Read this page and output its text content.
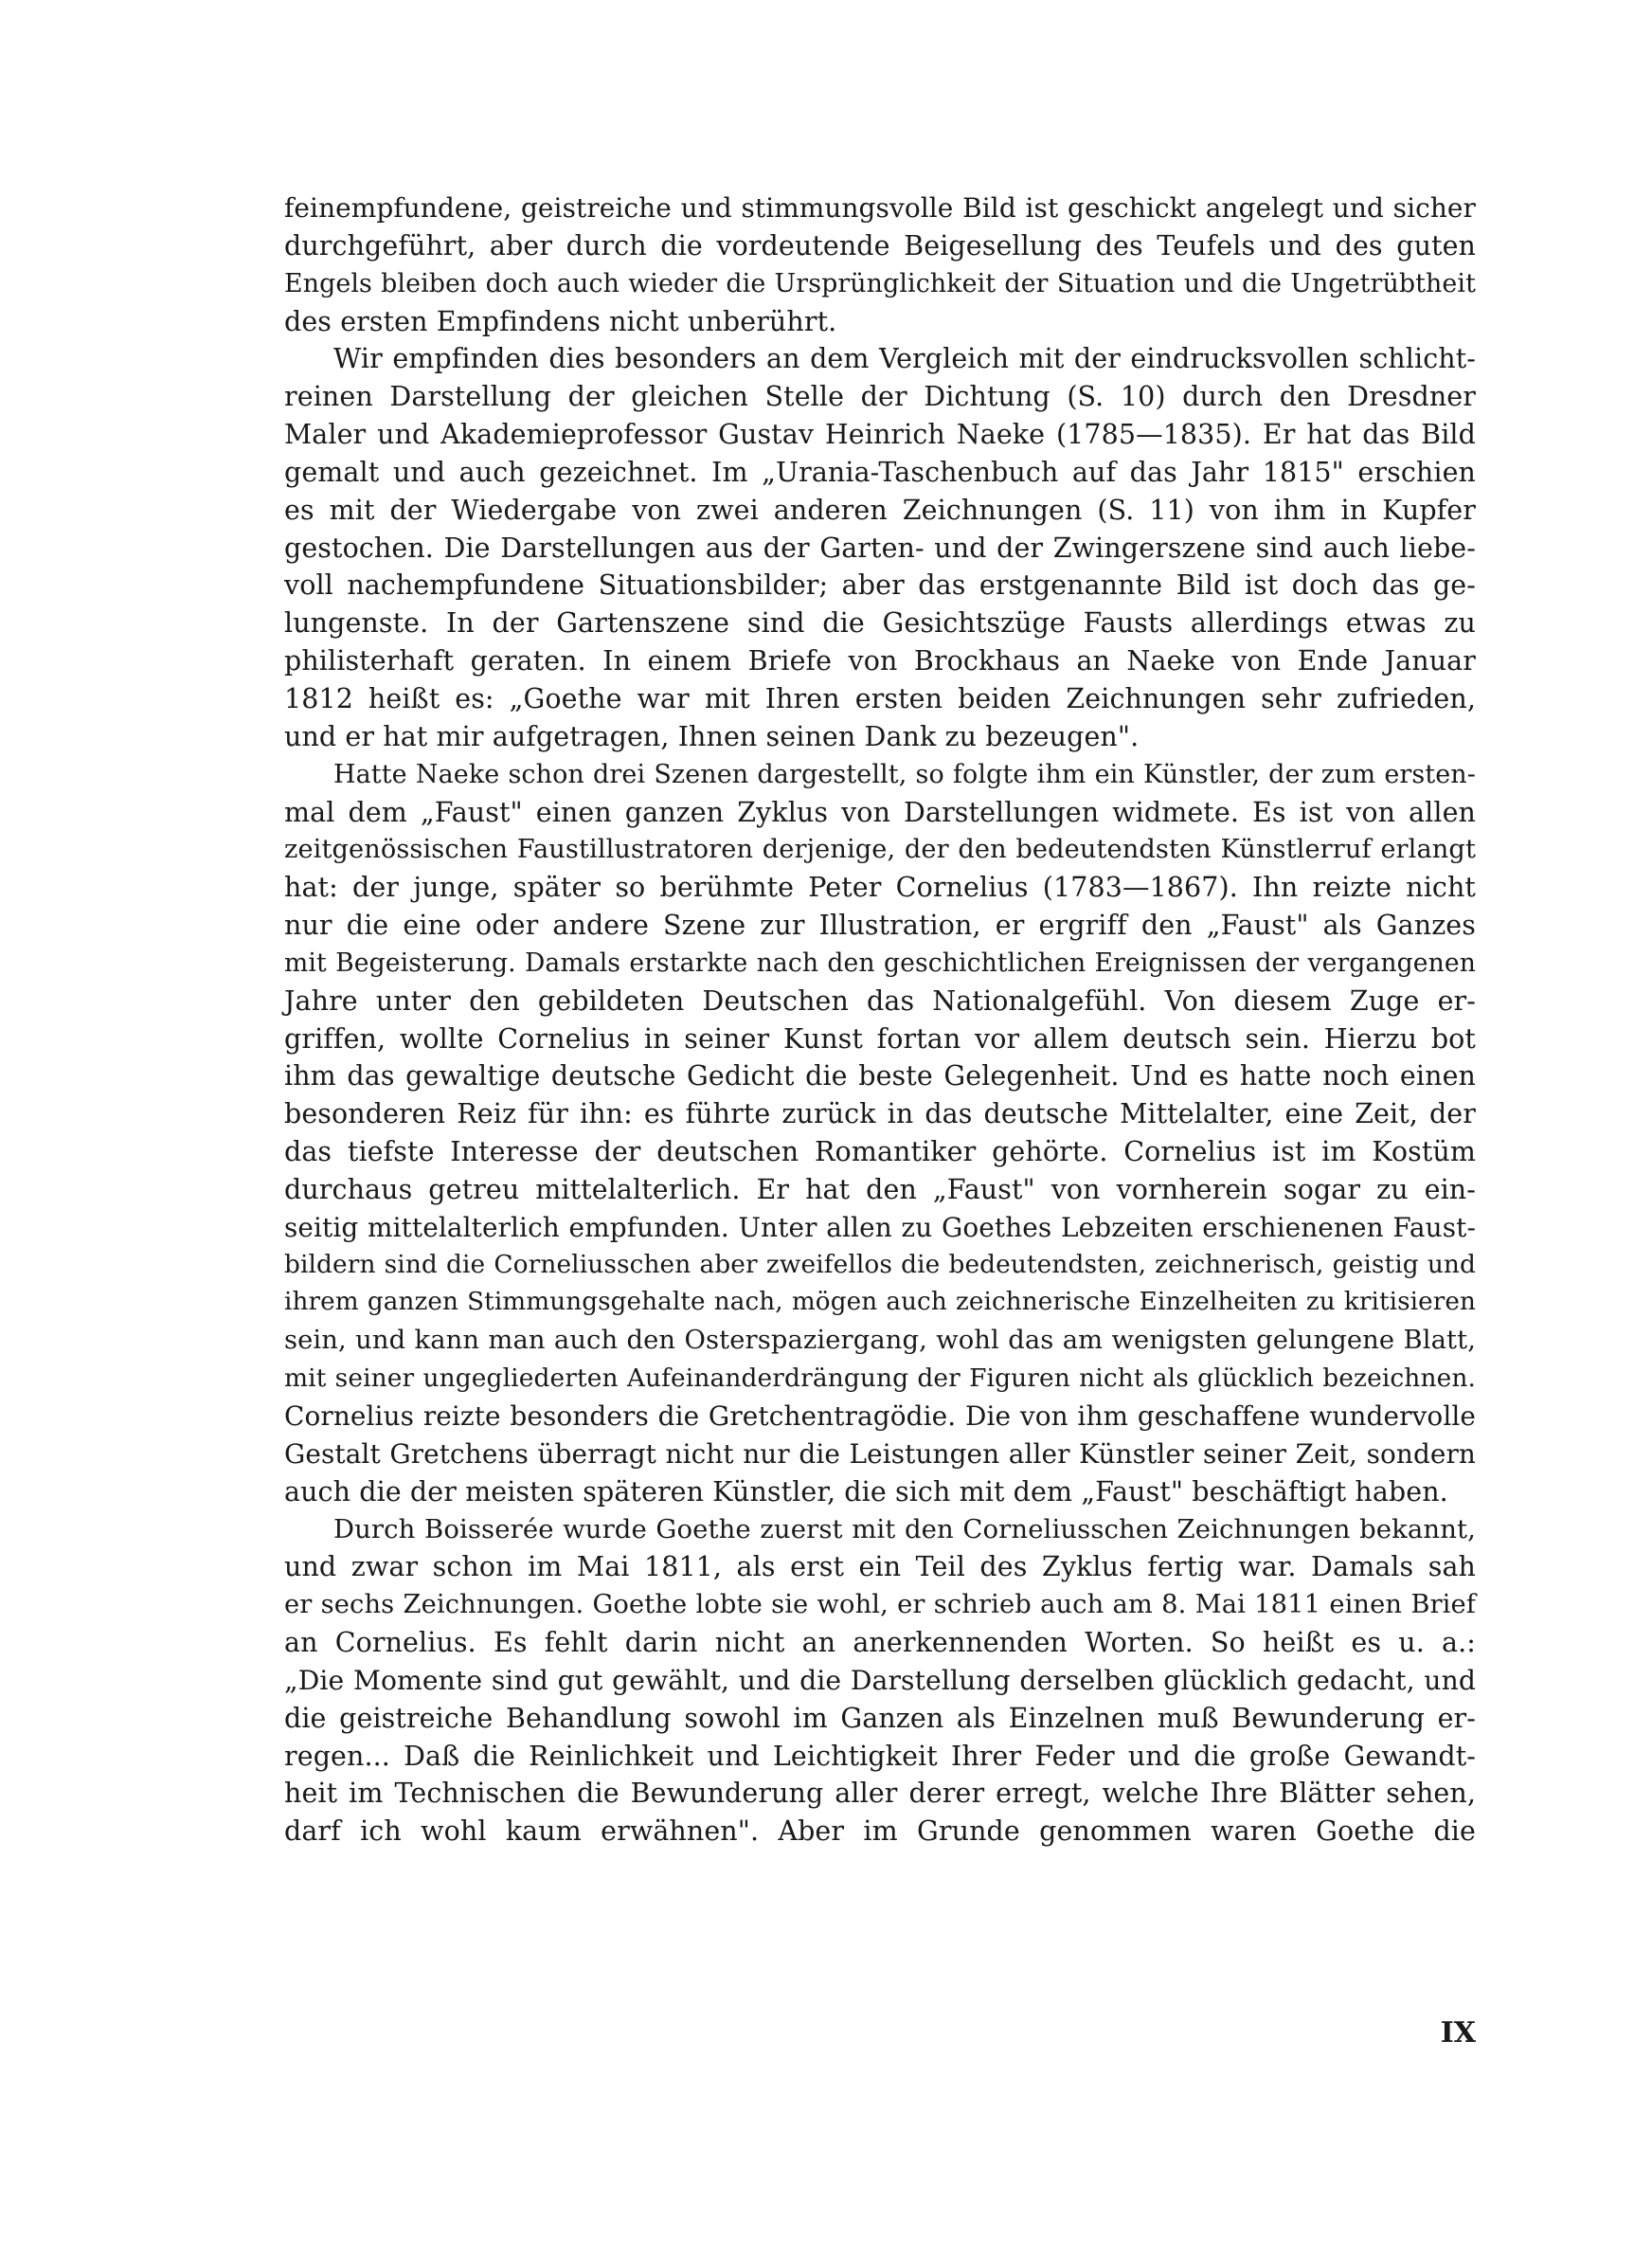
feinempfundene, geistreiche und stimmungsvolle Bild ist geschickt angelegt und sicher
durchgeführt, aber durch die vordeutende Beigesellung des Teufels und des guten
Engels bleiben doch auch wieder die Ursprünglichkeit der Situation und die Ungetrübtheit
des ersten Empfindens nicht unberührt.
Wir empfinden dies besonders an dem Vergleich mit der eindrucksvollen schlicht-
reinen Darstellung der gleichen Stelle der Dichtung (S. 10) durch den Dresdner
Maler und Akademieprofessor Gustav Heinrich Naeke (1785—1835). Er hat das Bild
gemalt und auch gezeichnet. Im „Urania-Taschenbuch auf das Jahr 1815" erschien
es mit der Wiedergabe von zwei anderen Zeichnungen (S. 11) von ihm in Kupfer
gestochen. Die Darstellungen aus der Garten- und der Zwingerszene sind auch liebe-
voll nachempfundene Situationsbilder; aber das erstgenannte Bild ist doch das ge-
lungenste. In der Gartenszene sind die Gesichtszüge Fausts allerdings etwas zu
philisterhaft geraten. In einem Briefe von Brockhaus an Naeke von Ende Januar
1812 heißt es: „Goethe war mit Ihren ersten beiden Zeichnungen sehr zufrieden,
und er hat mir aufgetragen, Ihnen seinen Dank zu bezeugen".
Hatte Naeke schon drei Szenen dargestellt, so folgte ihm ein Künstler, der zum ersten-
mal dem „Faust" einen ganzen Zyklus von Darstellungen widmete. Es ist von allen
zeitgenössischen Faustillustratoren derjenige, der den bedeutendsten Künstlerruf erlangt
hat: der junge, später so berühmte Peter Cornelius (1783—1867). Ihn reizte nicht
nur die eine oder andere Szene zur Illustration, er ergriff den „Faust" als Ganzes
mit Begeisterung. Damals erstarkte nach den geschichtlichen Ereignissen der vergangenen
Jahre unter den gebildeten Deutschen das Nationalgefühl. Von diesem Zuge er-
griffen, wollte Cornelius in seiner Kunst fortan vor allem deutsch sein. Hierzu bot
ihm das gewaltige deutsche Gedicht die beste Gelegenheit. Und es hatte noch einen
besonderen Reiz für ihn: es führte zurück in das deutsche Mittelalter, eine Zeit, der
das tiefste Interesse der deutschen Romantiker gehörte. Cornelius ist im Kostüm
durchaus getreu mittelalterlich. Er hat den „Faust" von vornherein sogar zu ein-
seitig mittelalterlich empfunden. Unter allen zu Goethes Lebzeiten erschienenen Faust-
bildern sind die Corneliusschen aber zweifellos die bedeutendsten, zeichnerisch, geistig und
ihrem ganzen Stimmungsgehalte nach, mögen auch zeichnerische Einzelheiten zu kritisieren
sein, und kann man auch den Osterspaziergang, wohl das am wenigsten gelungene Blatt,
mit seiner ungegliederten Aufeinanderdrängung der Figuren nicht als glücklich bezeichnen.
Cornelius reizte besonders die Gretchentragödie. Die von ihm geschaffene wundervolle
Gestalt Gretchens überragt nicht nur die Leistungen aller Künstler seiner Zeit, sondern
auch die der meisten späteren Künstler, die sich mit dem „Faust" beschäftigt haben.
Durch Boisserée wurde Goethe zuerst mit den Corneliusschen Zeichnungen bekannt,
und zwar schon im Mai 1811, als erst ein Teil des Zyklus fertig war. Damals sah
er sechs Zeichnungen. Goethe lobte sie wohl, er schrieb auch am 8. Mai 1811 einen Brief
an Cornelius. Es fehlt darin nicht an anerkennenden Worten. So heißt es u. a.:
„Die Momente sind gut gewählt, und die Darstellung derselben glücklich gedacht, und
die geistreiche Behandlung sowohl im Ganzen als Einzelnen muß Bewunderung er-
regen... Daß die Reinlichkeit und Leichtigkeit Ihrer Feder und die große Gewandt-
heit im Technischen die Bewunderung aller derer erregt, welche Ihre Blätter sehen,
darf ich wohl kaum erwähnen". Aber im Grunde genommen waren Goethe die
IX
